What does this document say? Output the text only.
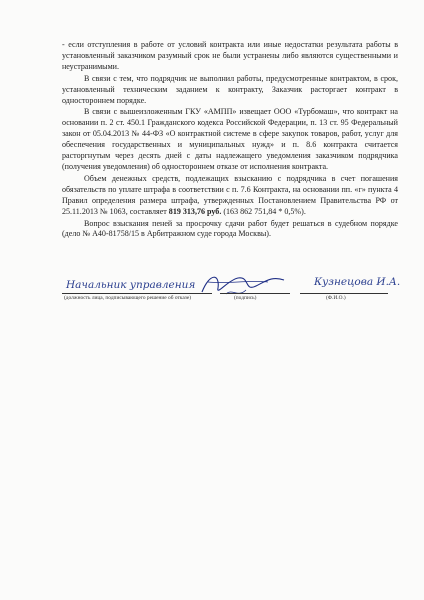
- если отступления в работе от условий контракта или иные недостатки результата работы в установленный заказчиком разумный срок не были устранены либо являются существенными и неустранимыми.

В связи с тем, что подрядчик не выполнил работы, предусмотренные контрактом, в срок, установленный техническим заданием к контракту, Заказчик расторгает контракт в одностороннем порядке.

В связи с вышеизложенным ГКУ «АМПП» извещает ООО «Турбомаш», что контракт на основании п. 2 ст. 450.1 Гражданского кодекса Российской Федерации, п. 13 ст. 95 Федеральный закон от 05.04.2013 № 44-ФЗ «О контрактной системе в сфере закупок товаров, работ, услуг для обеспечения государственных и муниципальных нужд» и п. 8.6 контракта считается расторгнутым через десять дней с даты надлежащего уведомления заказчиком подрядчика (получения уведомления) об одностороннем отказе от исполнения контракта.

Объем денежных средств, подлежащих взысканию с подрядчика в счет погашения обязательств по уплате штрафа в соответствии с п. 7.6 Контракта, на основании пп. «г» пункта 4 Правил определения размера штрафа, утвержденных Постановлением Правительства РФ от 25.11.2013 № 1063, составляет 819 313,76 руб. (163 862 751,84 * 0,5%).

Вопрос взыскания пеней за просрочку сдачи работ будет решаться в судебном порядке (дело № А40-81758/15 в Арбитражном суде города Москвы).

Начальник управления	Кузнецова И.А.
(должность лица, подписывающего решение об отказе)	(подпись)	(Ф.И.О.)
